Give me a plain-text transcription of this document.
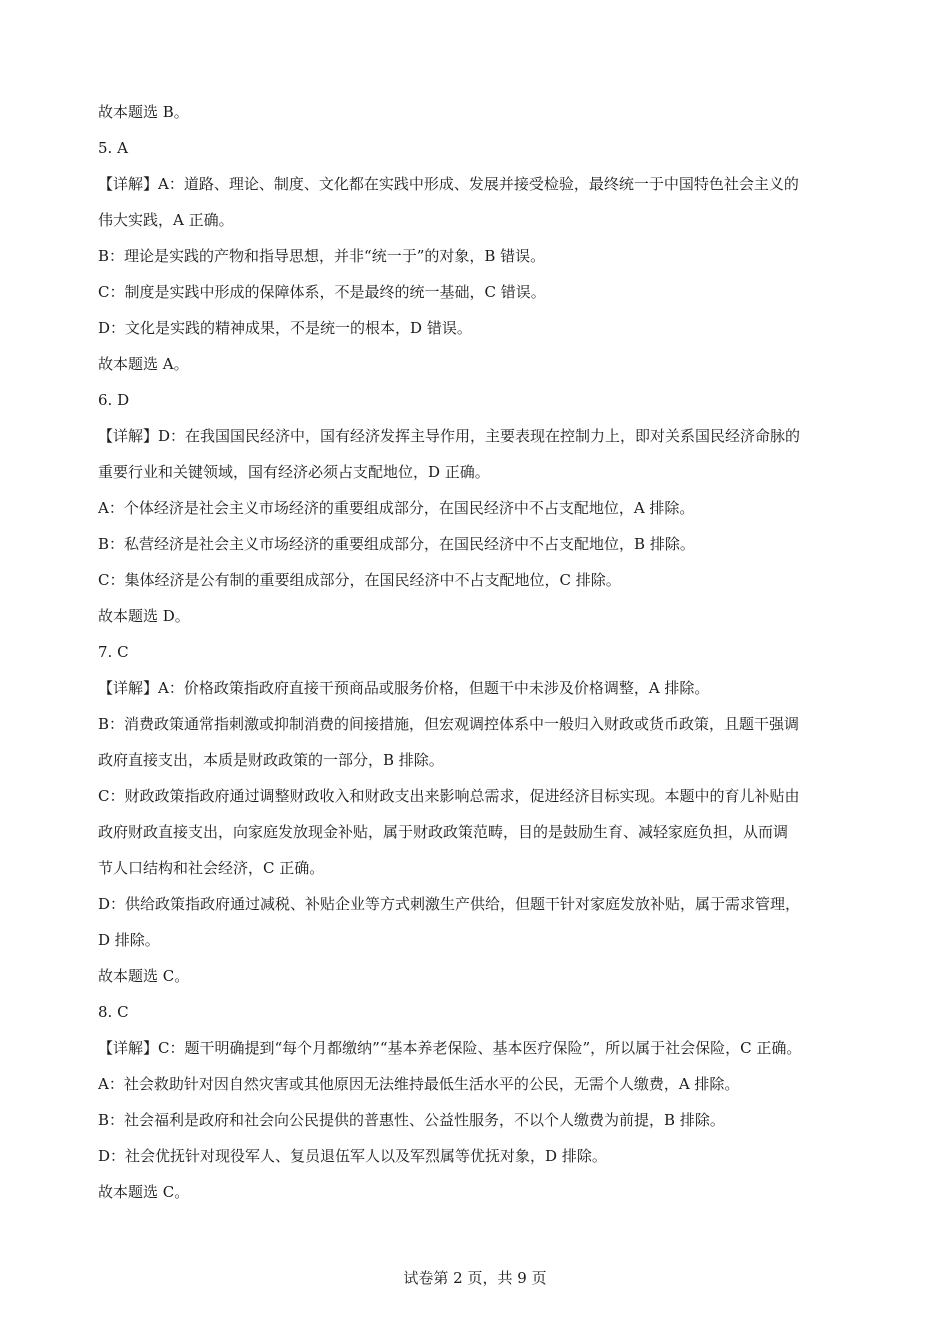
故本题选 B。
5. A
【详解】A：道路、理论、制度、文化都在实践中形成、发展并接受检验，最终统一于中国特色社会主义的
伟大实践，A 正确。
B：理论是实践的产物和指导思想，并非“统一于”的对象，B 错误。
C：制度是实践中形成的保障体系，不是最终的统一基础，C 错误。
D：文化是实践的精神成果，不是统一的根本，D 错误。
故本题选 A。
6. D
【详解】D：在我国国民经济中，国有经济发挥主导作用，主要表现在控制力上，即对关系国民经济命脉的
重要行业和关键领域，国有经济必须占支配地位，D 正确。
A：个体经济是社会主义市场经济的重要组成部分，在国民经济中不占支配地位，A 排除。
B：私营经济是社会主义市场经济的重要组成部分，在国民经济中不占支配地位，B 排除。
C：集体经济是公有制的重要组成部分，在国民经济中不占支配地位，C 排除。
故本题选 D。
7. C
【详解】A：价格政策指政府直接干预商品或服务价格，但题干中未涉及价格调整，A 排除。
B：消费政策通常指刺激或抑制消费的间接措施，但宏观调控体系中一般归入财政或货币政策，且题干强调
政府直接支出，本质是财政政策的一部分，B 排除。
C：财政政策指政府通过调整财政收入和财政支出来影响总需求，促进经济目标实现。本题中的育儿补贴由
政府财政直接支出，向家庭发放现金补贴，属于财政政策范畴，目的是鼓励生育、减轻家庭负担，从而调
节人口结构和社会经济，C 正确。
D：供给政策指政府通过减税、补贴企业等方式刺激生产供给，但题干针对家庭发放补贴，属于需求管理，
D 排除。
故本题选 C。
8. C
【详解】C：题干明确提到“每个月都缴纳”“基本养老保险、基本医疗保险”，所以属于社会保险，C 正确。
A：社会救助针对因自然灾害或其他原因无法维持最低生活水平的公民，无需个人缴费，A 排除。
B：社会福利是政府和社会向公民提供的普惠性、公益性服务，不以个人缴费为前提，B 排除。
D：社会优抚针对现役军人、复员退伍军人以及军烈属等优抚对象，D 排除。
故本题选 C。
试卷第 2 页，共 9 页
